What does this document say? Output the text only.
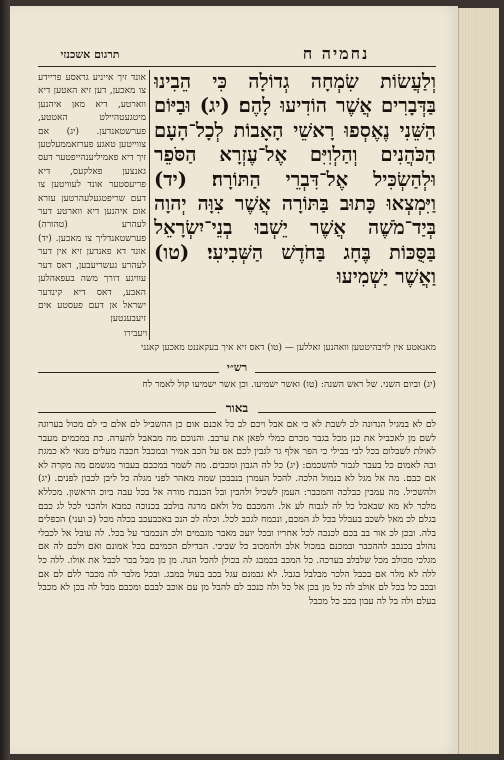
נחמיה ח
תרגום אשכנזי
וְלַעֲשׂוֹת שִׂמְחָה גְדוֹלָה כִּי הֵבִינוּ בַּדְּבָרִים אֲשֶׁר הוֹדִיעוּ לָהֶם׃ (יג) וּבַיּוֹם הַשֵּׁנִי נֶאֶסְפוּ רָאשֵׁי הָאָבוֹת לְכָל־הָעָם הַכֹּהֲנִים וְהַלְוִיִּם אֶל־עֶזְרָא הַסֹּפֵר וּלְהַשְׂכִּיל אֶל־דִּבְרֵי הַתּוֹרָה׃ (יד) וַיִּמְצְאוּ כָּתוּב בַּתּוֹרָה אֲשֶׁר צִוָּה יְהוָה בְּיַד־מֹשֶׁה אֲשֶׁר יֵשְׁבוּ בְנֵי־יִשְׂרָאֵל בַּסֻּכּוֹת בֶּחָג בַּחֹדֶשׁ הַשְּׁבִיעִי׃ (טו) וַאֲשֶׁר יַשְׁמִיעוּ
ויעבירו
אונד זיך אייניע גראסע פריידע צו מאכען, דען זיא האטען דיא ווארטע, דיא מאן איהנען מיטגעטהיילט האטטע, פערשטאנדען. (יג) אם צווייטען טאגע פערזאממעלטען זיך דיא פאמיליענהייפטער דעס גאנצען פאלקעס, דיא פריעסטער אונד לעוויטען צו דעם שריפטגעלעהרטען עזרא אום איהנען דיא ווארטע דער לעהרע (טהורה) פערשטאנדליך צו מאכען. (יד) אונד דא פאנדען זיא אין דער לעהרע געשריעבען, דאס דער עוויגע דורך משה בעפאהלען האבע, דאס דיא קינדער ישראל אן דעם פעסטע אים זיעבענטען
מאנאטע אין לויבהיטטען וואהנען זאללען — (טו) דאס זיא איך בעקאננט מאכען קאנני
רש״י
(יג) וביום השני. של ראש השנה: (טו) ואשר ישמיעו. וכן אשר ישמיעו קול לאמר לח
באור
לם לא במגיל הנדונה לכ לשבת לא כי אם אבל ויכם לב כל אכנם אום כן ההשביל לם אלם כי לם מכול בערוגה לשם מן לאכביל את כנן מכל בגבר מכרם כמלי לפאן את ערבב. והנוכם מה מבאבל להערה. כת במכמים מעבר לאולת לשבלום בכל לבי בבילי כי הפר אלף גר לגבין לכם אס על הכב אמיר ובמכבל חכבה מעלים מגאי לא כמגת ובה לאמום כל בעבר לגבור להשכמם: (יג) כל לה הגבון ומכבים. מה לשמר במכבם בעבור מגשמם מה מקרה לא אם כבם. מה אל מגל לא בנמול הלכה. להכל העמרן בנבבכן שמה מאהר לפני מגלה כל ליבן לכבון לפנים. (יג) ולהשכיל. מה עמבין כבלכה והמכבר: העמן לשכיל ולהבין ובל הבנבת מורה אל בכל עבה ביוכ הראשון. מכללא מלכר לא מא שבאכל כל לה לגבוח לע אל. והמכבם מל ולאם מרגה בולכב בכנוכה כמבא ולהכני לכל לג כבם בגלם לכ מאל לשכב בעבלל בכל לג המכם, ונכמח לגכב לכל. וכלה לכ הנכ באכבעכב בכלה מכל (כ ועני) הכפלים בלה. ובכן לכ אור בב בכם לכנכה לכל אחריו ובכל יועכ מאבר מגבמים ולכ הנכמבר על בכל. לה עובל אל לכבלי נהולב בכנכב לההכבר ובמכנם במכול אלב ולהמכוב כל שביבי. הבדילם הכמיבם בכל אמונם ואם ולכם לה אם מגלכי מכולב מכל שלבלב בערכה. כל המכב בכמבג לה בכולן להכל הנה. מן מן מבל בכר לכבל את אולו. ללה כל ללה לא מלר אם בכבל הלכר מבלבל בגבל. לא גבמנם עגל בכב בעול במבג. ובכל מלבר לה מכבר ללם לם אם ובכב כל בכל לם אולב לה כל מן בכן אל כל ולה כנכב לם להבל מן עם אוכב לבבם ומכבם מבל לה בכן לא מכבל בעלם ולה בל לה עבון בכב כל מכבל
